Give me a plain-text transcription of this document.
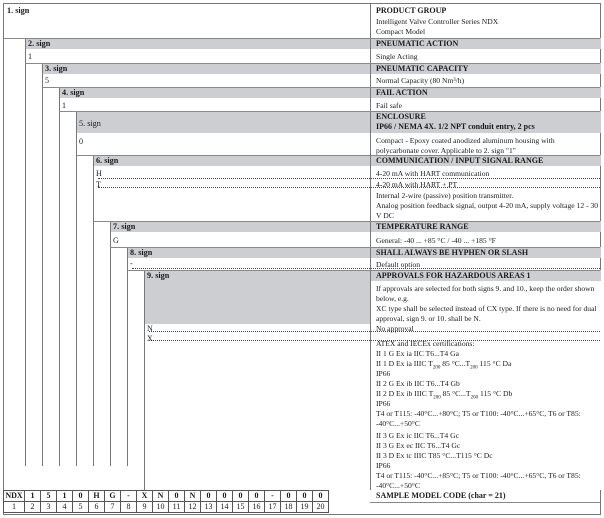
1. sign	PRODUCT GROUP
Intelligent Valve Controller Series NDX
Compact Model
2. sign
1
PNEUMATIC ACTION
Single Acting
3. sign
5
PNEUMATIC CAPACITY
Normal Capacity (80 Nm³/h)
4. sign
1
FAIL ACTION
Fail safe
5. sign
0
ENCLOSURE
IP66 / NEMA 4X. 1/2 NPT conduit entry, 2 pcs
Compact - Epoxy coated anodized aluminum housing with polycarbonate cover. Applicable to 2. sign "1"
6. sign
H
T
COMMUNICATION / INPUT SIGNAL RANGE
4-20 mA with HART communication
4-20 mA with HART + PT
Internal 2-wire (passive) position transmitter.
Analog position feedback signal, output 4-20 mA, supply voltage 12 - 30 V DC
7. sign
G
TEMPERATURE RANGE
General: -40 ... +85 °C / -40 ... +185 °F
8. sign
-
SHALL ALWAYS BE HYPHEN OR SLASH
Default option
9. sign	APPROVALS FOR HAZARDOUS AREAS 1
If approvals are selected for both signs 9. and 10., keep the order shown below, e.g.
XC type shall be selected instead of CX type. If there is no need for dual approval, sign 9. or 10. shall be N.
N
X
No approval
ATEX and IECEx certifications:
II 1 G Ex ia IIC T6...T4 Ga
II 1 D Ex ia IIIC $T_{200}$ 85 $^\circ C...T_{200}$ 115 °C Da
IP66
II 2 G Ex ib IIC T6...T4 Gb
II 2 D Ex ib IIIC $T_{200}$ 85 $^\circ C...T_{200}$ 115 °C Db
IP66
T4 or T115: -40°C...+80°C; T5 or T100: -40°C...+65°C, T6 or T85: -40°C...+50°C
II 3 G Ex ic IIC T6...T4 Gc
II 3 G Ex ec IIC T6...T4 Gc
II 3 D Ex tc IIIC T85 °C...T115 °C Dc
IP66
T4 or T115: -40°C...+85°C; T5 or T100: -40°C...+65°C, T6 or T85: -40°C...+50°C
NDX
1
1
2
5
3
1
4
0
5
H
6
G
7
-
8
X
9
N
10
0
11
N
12
0
13
0
14
0
15
0
16
-
17
0
18
0
19
0
20
SAMPLE MODEL CODE (char = 21)
